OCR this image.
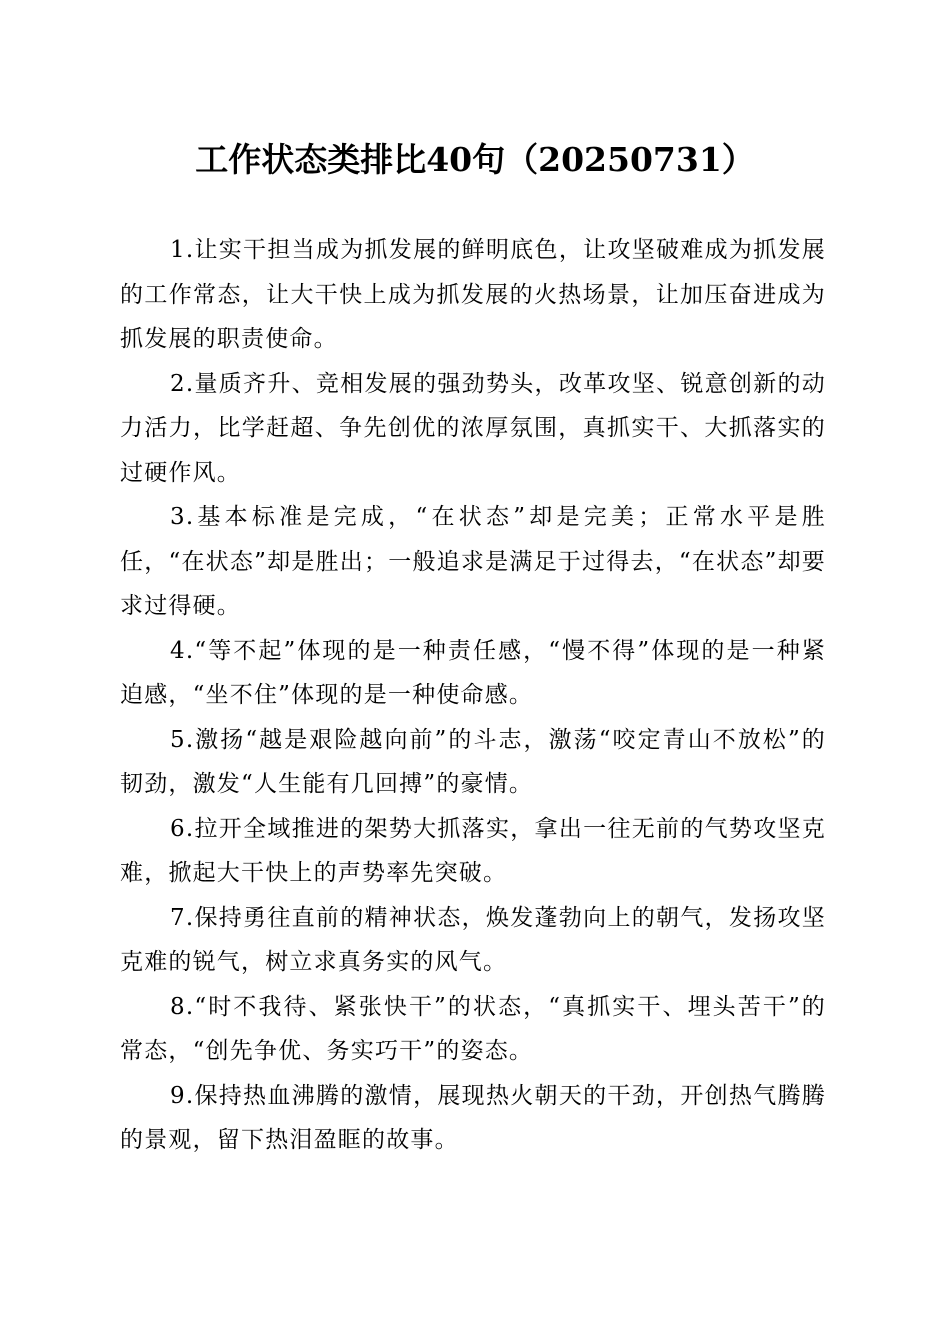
工作状态类排比40句（20250731）

1.让实干担当成为抓发展的鲜明底色，让攻坚破难成为抓发展的工作常态，让大干快上成为抓发展的火热场景，让加压奋进成为抓发展的职责使命。

2.量质齐升、竞相发展的强劲势头，改革攻坚、锐意创新的动力活力，比学赶超、争先创优的浓厚氛围，真抓实干、大抓落实的过硬作风。

3.基本标准是完成，“在状态”却是完美；正常水平是胜任，“在状态”却是胜出；一般追求是满足于过得去，“在状态”却要求过得硬。

4.“等不起”体现的是一种责任感，“慢不得”体现的是一种紧迫感，“坐不住”体现的是一种使命感。

5.激扬“越是艰险越向前”的斗志，激荡“咬定青山不放松”的韧劲，激发“人生能有几回搏”的豪情。

6.拉开全域推进的架势大抓落实，拿出一往无前的气势攻坚克难，掀起大干快上的声势率先突破。

7.保持勇往直前的精神状态，焕发蓬勃向上的朝气，发扬攻坚克难的锐气，树立求真务实的风气。

8.“时不我待、紧张快干”的状态，“真抓实干、埋头苦干”的常态，“创先争优、务实巧干”的姿态。

9.保持热血沸腾的激情，展现热火朝天的干劲，开创热气腾腾的景观，留下热泪盈眶的故事。
